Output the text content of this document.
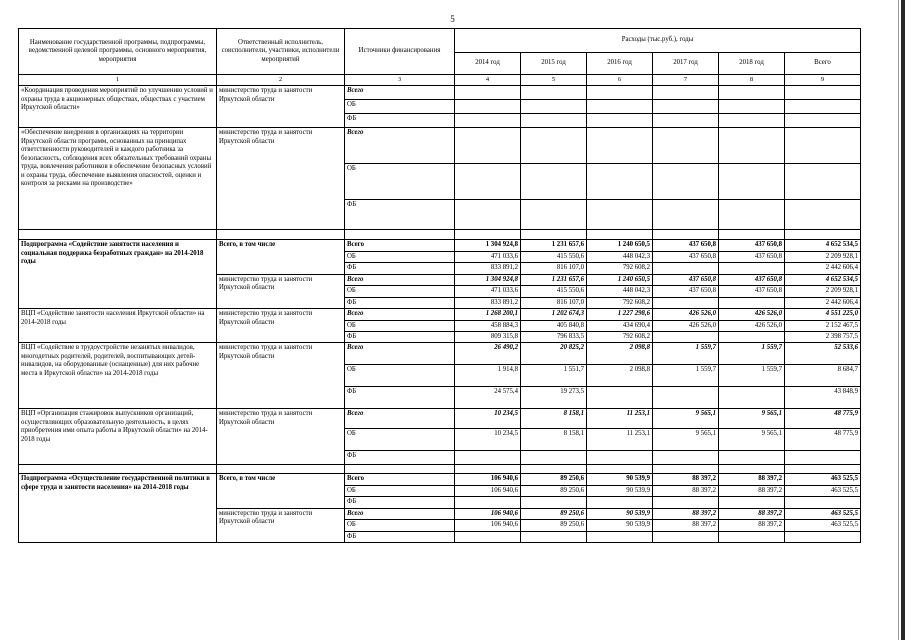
5
Наименование государственной программы, подпрограммы, ведомственной целевой программы, основного мероприятия, мероприятия	Ответственный исполнитель, соисполнители, участники, исполнители мероприятий	Источники финансирования	Расходы (тыс.руб.), годы					
			2014 год	2015 год	2016 год	2017 год	2018 год	Всего
1	2	3	4	5	6	7	8	9
«Координация проведения мероприятий по улучшению условий и охраны труда в акционерных обществах, обществах с участием Иркутской области»	министерство труда и занятости Иркутской области	Всего						
		ОБ						
		ФБ						
«Обеспечение внедрения в организациях на территории Иркутской области программ, основанных на принципах ответственности руководителей и каждого работника за безопасность, соблюдения всех обязательных требований охраны труда, вовлечения работников в обеспечение безопасных условий и охраны труда, обеспечение выявления опасностей, оценки и контроля за рисками на производстве»	министерство труда и занятости Иркутской области	Всего						
		ОБ						
		ФБ						

Подпрограмма «Содействие занятости населения и социальная поддержка безработных граждан» на 2014-2018 годы	Всего, в том числе	Всего	1 304 924,8	1 231 657,6	1 240 650,5	437 650,8	437 650,8	4 652 534,5
		ОБ	471 033,6	415 550,6	448 042,3	437 650,8	437 650,8	2 209 928,1
		ФБ	833 891,2	816 107,0	792 608,2			2 442 606,4
	министерство труда и занятости Иркутской области	Всего	1 304 924,8	1 231 657,6	1 240 650,5	437 650,8	437 650,8	4 652 534,5
		ОБ	471 033,6	415 550,6	448 042,3	437 650,8	437 650,8	2 209 928,1
		ФБ	833 891,2	816 107,0	792 608,2			2 442 606,4
ВЦП «Содействие занятости населения Иркутской области» на 2014-2018 годы	министерство труда и занятости Иркутской области	Всего	1 268 200,1	1 202 674,3	1 227 298,6	426 526,0	426 526,0	4 551 225,0
		ОБ	458 884,3	405 840,8	434 690,4	426 526,0	426 526,0	2 152 467,5
		ФБ	809 315,8	796 833,5	792 608,2			2 398 757,5
ВЦП «Содействие в трудоустройстве незанятых инвалидов, многодетных родителей, родителей, воспитывающих детей-инвалидов, на оборудованные (оснащенные) для них рабочие места в Иркутской области» на 2014-2018 годы	министерство труда и занятости Иркутской области	Всего	26 490,2	20 825,2	2 098,8	1 559,7	1 559,7	52 533,6
		ОБ	1 914,8	1 551,7	2 098,8	1 559,7	1 559,7	8 684,7
		ФБ	24 575,4	19 273,5				43 848,9
ВЦП «Организация стажировок выпускников организаций, осуществляющих образовательную деятельность, в целях приобретения ими опыта работы в Иркутской области» на 2014-2018 годы	министерство труда и занятости Иркутской области	Всего	10 234,5	8 158,1	11 253,1	9 565,1	9 565,1	48 775,9
		ОБ	10 234,5	8 158,1	11 253,1	9 565,1	9 565,1	48 775,9
		ФБ						

Подпрограмма «Осуществление государственной политики в сфере труда и занятости населения» на 2014-2018 годы	Всего, в том числе	Всего	106 940,6	89 250,6	90 539,9	88 397,2	88 397,2	463 525,5
		ОБ	106 940,6	89 250,6	90 539,9	88 397,2	88 397,2	463 525,5
		ФБ						
	министерство труда и занятости Иркутской области	Всего	106 940,6	89 250,6	90 539,9	88 397,2	88 397,2	463 525,5
		ОБ	106 940,6	89 250,6	90 539,9	88 397,2	88 397,2	463 525,5
		ФБ						
